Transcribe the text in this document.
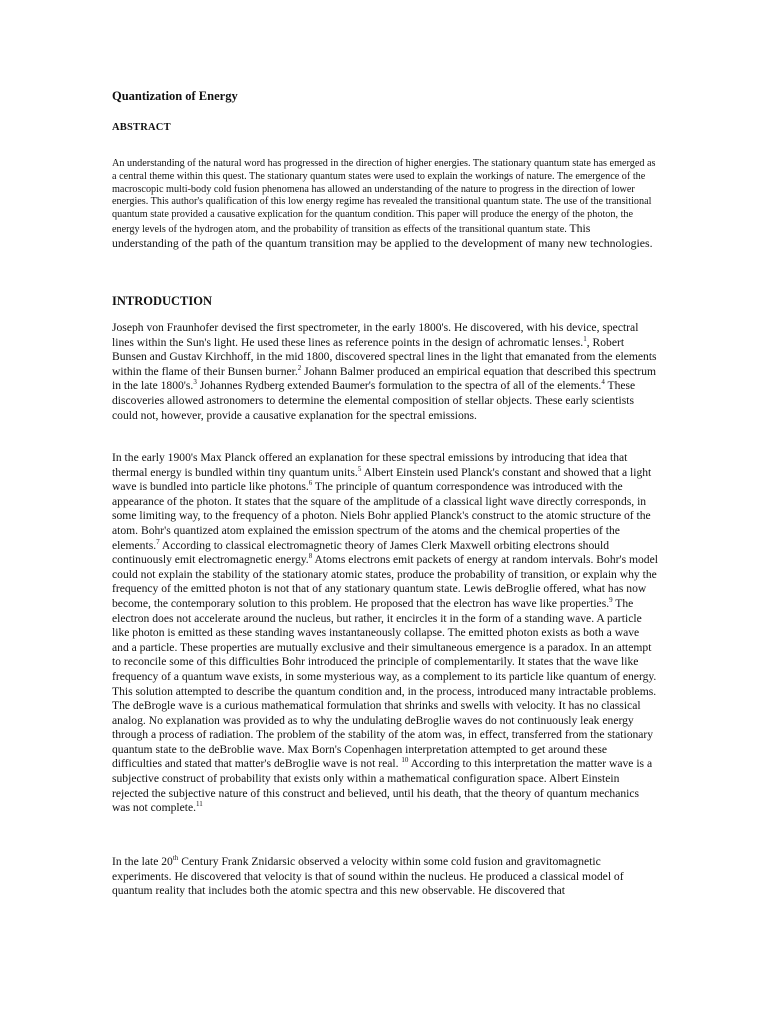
Quantization of Energy
ABSTRACT

An understanding of the natural word has progressed in the direction of higher energies. The stationary quantum state has emerged as a central theme within this quest. The stationary quantum states were used to explain the workings of nature. The emergence of the macroscopic multi-body cold fusion phenomena has allowed an understanding of the nature to progress in the direction of lower energies. This author's qualification of this low energy regime has revealed the transitional quantum state. The use of the transitional quantum state provided a causative explication for the quantum condition. This paper will produce the energy of the photon, the energy levels of the hydrogen atom, and the probability of transition as effects of the transitional quantum state. This understanding of the path of the quantum transition may be applied to the development of many new technologies.

INTRODUCTION

Joseph von Fraunhofer devised the first spectrometer, in the early 1800's. He discovered, with his device, spectral lines within the Sun's light. He used these lines as reference points in the design of achromatic lenses.$^1$, Robert Bunsen and Gustav Kirchhoff, in the mid 1800, discovered spectral lines in the light that emanated from the elements within the flame of their Bunsen burner.$^2$ Johann Balmer produced an empirical equation that described this spectrum in the late 1800's.$^3$ Johannes Rydberg extended Baumer's formulation to the spectra of all of the elements.$^4$ These discoveries allowed astronomers to determine the elemental composition of stellar objects. These early scientists could not, however, provide a causative explanation for the spectral emissions.

In the early 1900's Max Planck offered an explanation for these spectral emissions by introducing that idea that thermal energy is bundled within tiny quantum units.$^5$ Albert Einstein used Planck's constant and showed that a light wave is bundled into particle like photons.$^6$ The principle of quantum correspondence was introduced with the appearance of the photon. It states that the square of the amplitude of a classical light wave directly corresponds, in some limiting way, to the frequency of a photon. Niels Bohr applied Planck's construct to the atomic structure of the atom. Bohr's quantized atom explained the emission spectrum of the atoms and the chemical properties of the elements.$^7$ According to classical electromagnetic theory of James Clerk Maxwell orbiting electrons should continuously emit electromagnetic energy.$^8$ Atoms electrons emit packets of energy at random intervals. Bohr's model could not explain the stability of the stationary atomic states, produce the probability of transition, or explain why the frequency of the emitted photon is not that of any stationary quantum state. Lewis deBroglie offered, what has now become, the contemporary solution to this problem. He proposed that the electron has wave like properties.$^9$ The electron does not accelerate around the nucleus, but rather, it encircles it in the form of a standing wave. A particle like photon is emitted as these standing waves instantaneously collapse. The emitted photon exists as both a wave and a particle. These properties are mutually exclusive and their simultaneous emergence is a paradox. In an attempt to reconcile some of this difficulties Bohr introduced the principle of complementarily. It states that the wave like frequency of a quantum wave exists, in some mysterious way, as a complement to its particle like quantum of energy. This solution attempted to describe the quantum condition and, in the process, introduced many intractable problems. The deBrogle wave is a curious mathematical formulation that shrinks and swells with velocity. It has no classical analog. No explanation was provided as to why the undulating deBroglie waves do not continuously leak energy through a process of radiation. The problem of the stability of the atom was, in effect, transferred from the stationary quantum state to the deBroblie wave. Max Born's Copenhagen interpretation attempted to get around these difficulties and stated that matter's deBroglie wave is not real. $^{10}$ According to this interpretation the matter wave is a subjective construct of probability that exists only within a mathematical configuration space. Albert Einstein rejected the subjective nature of this construct and believed, until his death, that the theory of quantum mechanics was not complete.$^{11}$

In the late 20th Century Frank Znidarsic observed a velocity within some cold fusion and gravitomagnetic experiments. He discovered that velocity is that of sound within the nucleus. He produced a classical model of quantum reality that includes both the atomic spectra and this new observable. He discovered that
